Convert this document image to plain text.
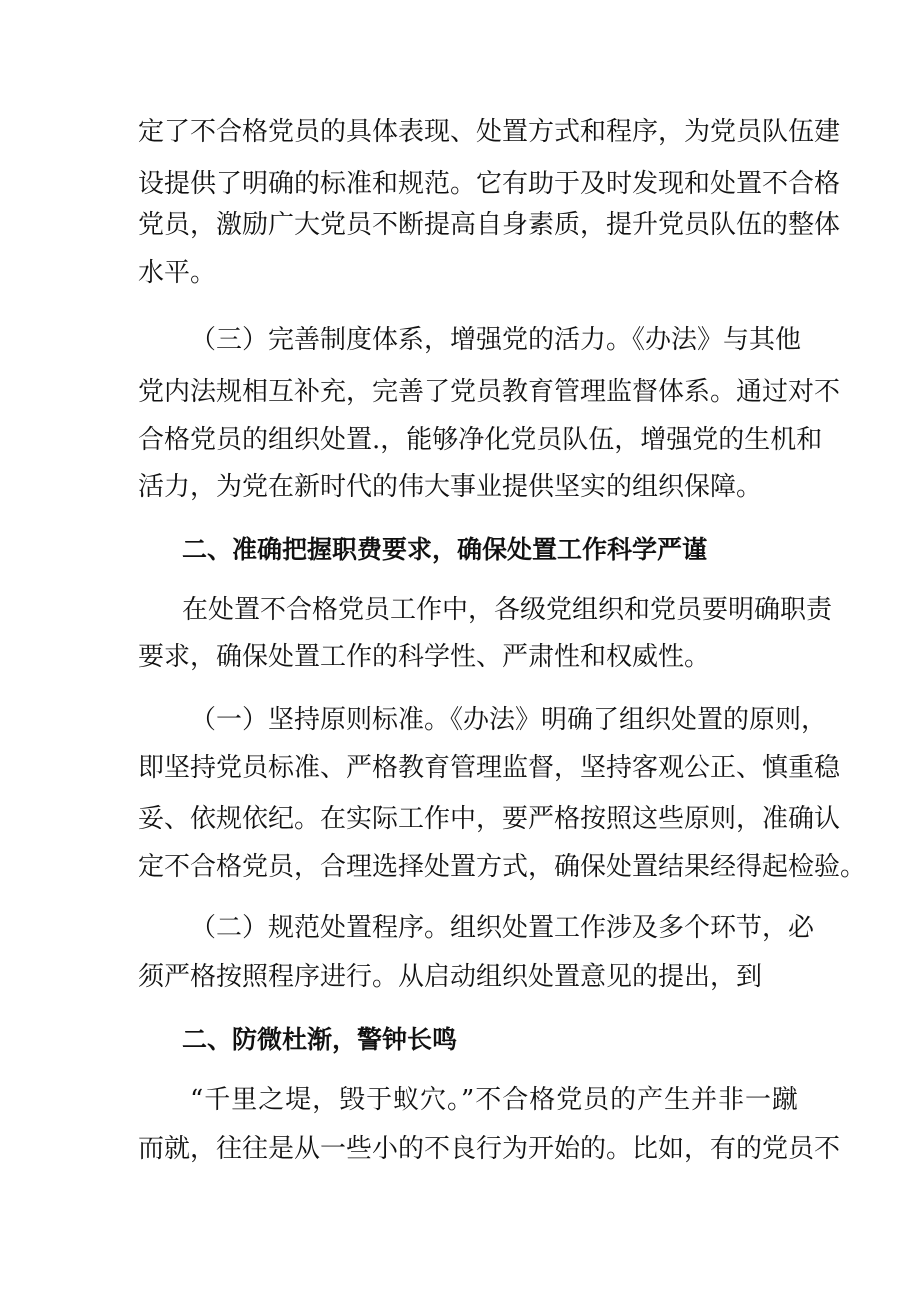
定了不合格党员的具体表现、处置方式和程序，为党员队伍建
设提供了明确的标准和规范。它有助于及时发现和处置不合格
党员，激励广大党员不断提高自身素质，提升党员队伍的整体
水平。
（三）完善制度体系，增强党的活力。《办法》与其他
党内法规相互补充，完善了党员教育管理监督体系。通过对不
合格党员的组织处置.，能够净化党员队伍，增强党的生机和
活力，为党在新时代的伟大事业提供坚实的组织保障。
二、准确把握职费要求，确保处置工作科学严谨
在处置不合格党员工作中，各级党组织和党员要明确职责
要求，确保处置工作的科学性、严肃性和权威性。
（一）坚持原则标准。《办法》明确了组织处置的原则，
即坚持党员标准、严格教育管理监督，坚持客观公正、慎重稳
妥、依规依纪。在实际工作中，要严格按照这些原则，准确认
定不合格党员，合理选择处置方式，确保处置结果经得起检验。
（二）规范处置程序。组织处置工作涉及多个环节，必
须严格按照程序进行。从启动组织处置意见的提出，到
二、防微杜渐，警钟长鸣
“千里之堤，毁于蚁穴。”不合格党员的产生并非一蹴
而就，往往是从一些小的不良行为开始的。比如，有的党员不
